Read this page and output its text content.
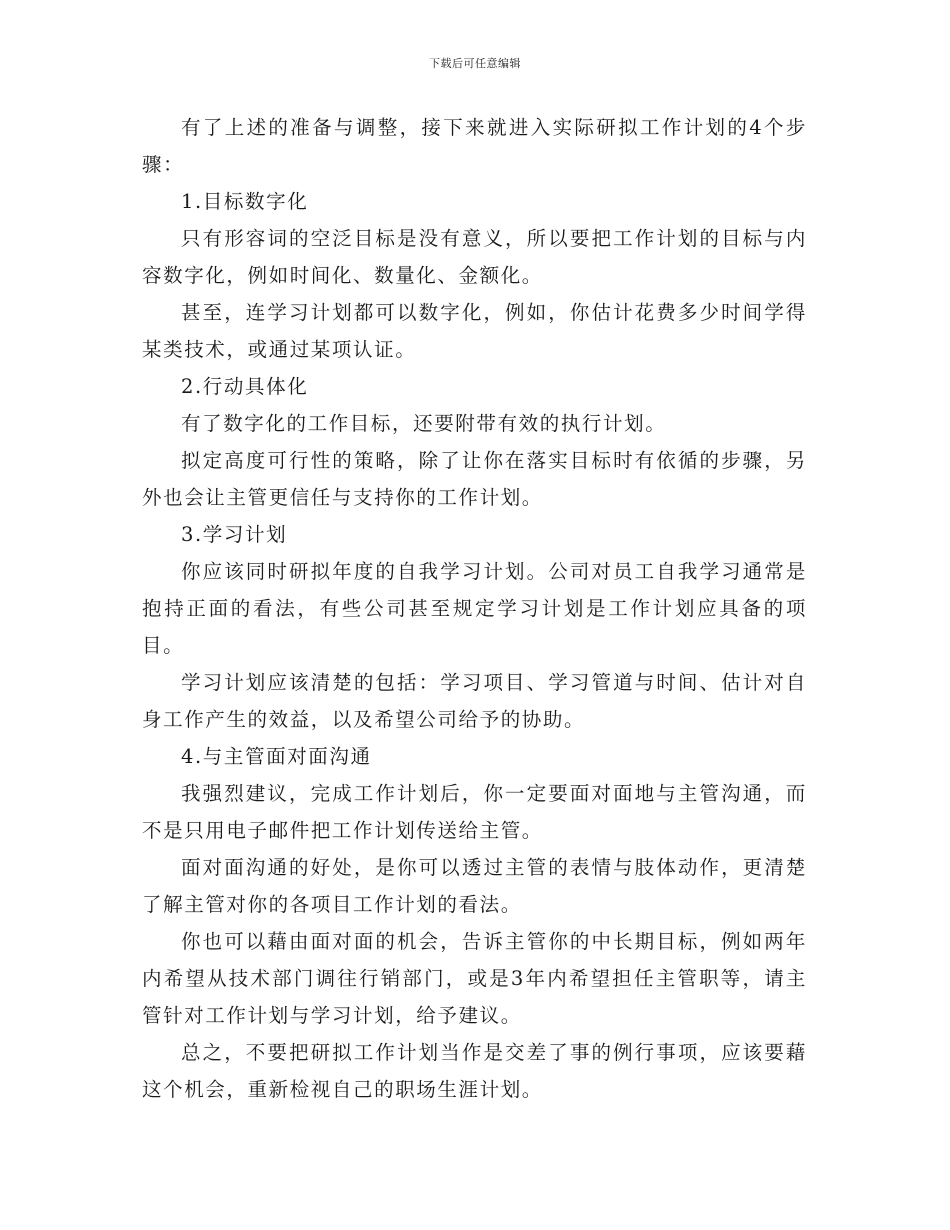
下载后可任意编辑

有了上述的准备与调整，接下来就进入实际研拟工作计划的4个步骤：

1.目标数字化

只有形容词的空泛目标是没有意义，所以要把工作计划的目标与内容数字化，例如时间化、数量化、金额化。

甚至，连学习计划都可以数字化，例如，你估计花费多少时间学得某类技术，或通过某项认证。

2.行动具体化

有了数字化的工作目标，还要附带有效的执行计划。

拟定高度可行性的策略，除了让你在落实目标时有依循的步骤，另外也会让主管更信任与支持你的工作计划。

3.学习计划

你应该同时研拟年度的自我学习计划。公司对员工自我学习通常是抱持正面的看法，有些公司甚至规定学习计划是工作计划应具备的项目。

学习计划应该清楚的包括：学习项目、学习管道与时间、估计对自身工作产生的效益，以及希望公司给予的协助。

4.与主管面对面沟通

我强烈建议，完成工作计划后，你一定要面对面地与主管沟通，而不是只用电子邮件把工作计划传送给主管。

面对面沟通的好处，是你可以透过主管的表情与肢体动作，更清楚了解主管对你的各项目工作计划的看法。

你也可以藉由面对面的机会，告诉主管你的中长期目标，例如两年内希望从技术部门调往行销部门，或是3年内希望担任主管职等，请主管针对工作计划与学习计划，给予建议。

总之，不要把研拟工作计划当作是交差了事的例行事项，应该要藉这个机会，重新检视自己的职场生涯计划。
